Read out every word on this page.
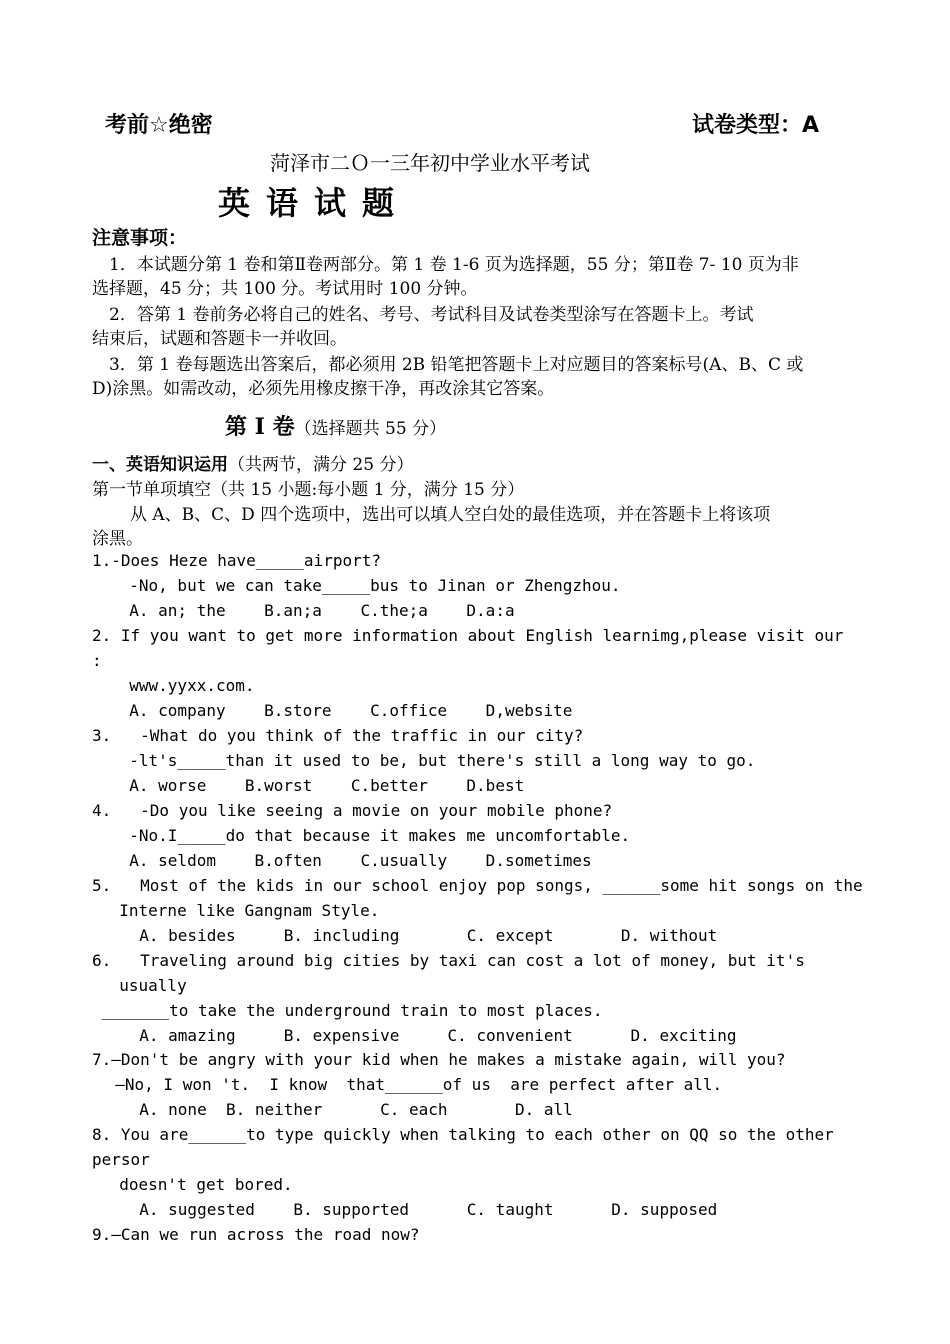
考前☆绝密	试卷类型：A
菏泽市二Ｏ一三年初中学业水平考试
英语试题
注意事项：
1．本试题分第 1 卷和第Ⅱ卷两部分。第 1 卷 1-6 页为选择题，55 分；第Ⅱ卷 7- 10 页为非
选择题，45 分；共 100 分。考试用时 100 分钟。
2．答第 1 卷前务必将自己的姓名、考号、考试科目及试卷类型涂写在答题卡上。考试
结束后，试题和答题卡一并收回。
3．第 1 卷每题选出答案后，都必须用 2B 铅笔把答题卡上对应题目的答案标号(A、B、C 或
D)涂黑。如需改动，必须先用橡皮擦干净，再改涂其它答案。
第 I 卷（选择题共 55 分）
一、英语知识运用（共两节，满分 25 分）
第一节单项填空（共 15 小题:每小题 1 分，满分 15 分）
从 A、B、C、D 四个选项中，选出可以填人空白处的最佳选项，并在答题卡上将该项
涂黑。
1.-Does Heze have_____airport?
-No, but we can take_____bus to Jinan or Zhengzhou.
A. an; the    B.an;a    C.the;a    D.a:a
2. If you want to get more information about English learnimg,please visit our
:
www.yyxx.com.
A. company    B.store    C.office    D,website
3.   -What do you think of the traffic in our city?
-lt's_____than it used to be, but there's still a long way to go.
A. worse    B.worst    C.better    D.best
4.   -Do you like seeing a movie on your mobile phone?
-No.I_____do that because it makes me uncomfortable.
A. seldom    B.often    C.usually    D.sometimes
5.   Most of the kids in our school enjoy pop songs, ______some hit songs on the
Interne like Gangnam Style.
A. besides     B. including       C. except       D. without
6.   Traveling around big cities by taxi can cost a lot of money, but it's
usually
_______to take the underground train to most places.
A. amazing     B. expensive     C. convenient      D. exciting
7.—Don't be angry with your kid when he makes a mistake again, will you?
—No, I won 't.  I know  that______of us  are perfect after all.
A. none  B. neither      C. each       D. all
8. You are______to type quickly when talking to each other on QQ so the other
persor
doesn't get bored.
A. suggested    B. supported      C. taught      D. supposed
9.—Can we run across the road now?
